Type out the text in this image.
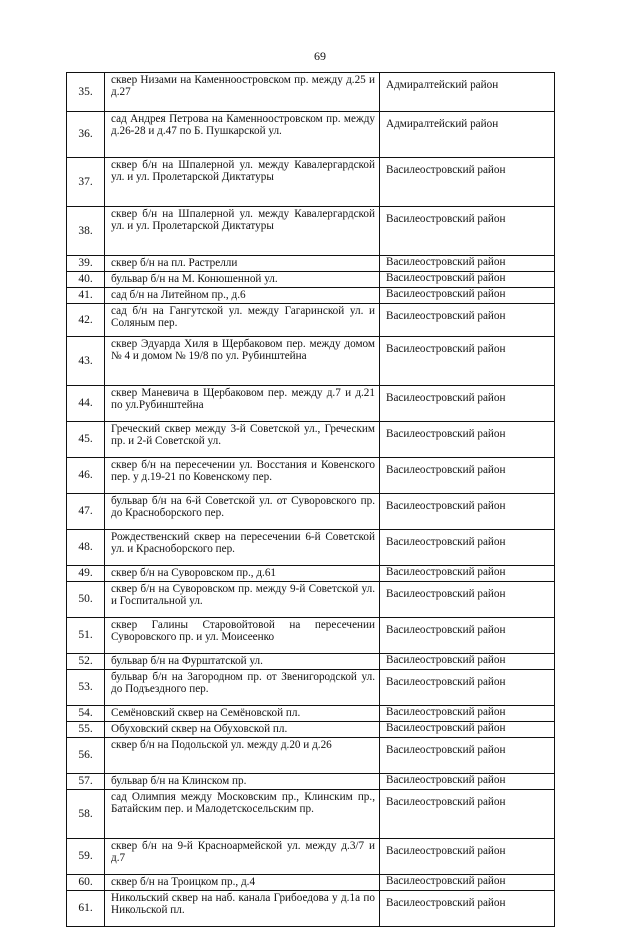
69
35.	сквер Низами на Каменноостровском пр. между д.25 и д.27	Адмиралтейский район
36.	сад Андрея Петрова на Каменноостровском пр. между д.26-28 и д.47 по Б. Пушкарской ул.	Адмиралтейский район
37.	сквер б/н на Шпалерной ул. между Кавалергардской ул. и ул. Пролетарской Диктатуры	Василеостровский район
38.	сквер б/н на Шпалерной ул. между Кавалергардской ул. и ул. Пролетарской Диктатуры	Василеостровский район
39.	сквер б/н на пл. Растрелли	Василеостровский район
40.	бульвар б/н на М. Конюшенной ул.	Василеостровский район
41.	сад б/н на Литейном пр., д.6	Василеостровский район
42.	сад б/н на Гангутской ул. между Гагаринской ул. и Соляным пер.	Василеостровский район
43.	сквер Эдуарда Хиля в Щербаковом пер. между домом № 4 и домом № 19/8 по ул. Рубинштейна	Василеостровский район
44.	сквер Маневича в Щербаковом пер. между д.7 и д.21 по ул.Рубинштейна	Василеостровский район
45.	Греческий сквер между 3-й Советской ул., Греческим пр. и 2-й Советской ул.	Василеостровский район
46.	сквер б/н на пересечении ул. Восстания и Ковенского пер. у д.19-21 по Ковенскому пер.	Василеостровский район
47.	бульвар б/н на 6-й Советской ул. от Суворовского пр. до Красноборского пер.	Василеостровский район
48.	Рождественский сквер на пересечении 6-й Советской ул. и Красноборского пер.	Василеостровский район
49.	сквер б/н на Суворовском пр., д.61	Василеостровский район
50.	сквер б/н на Суворовском пр. между 9-й Советской ул. и Госпитальной ул.	Василеостровский район
51.	сквер Галины Старовойтовой на пересечении Суворовского пр. и ул. Моисеенко	Василеостровский район
52.	бульвар б/н на Фурштатской ул.	Василеостровский район
53.	бульвар б/н на Загородном пр. от Звенигородской ул. до Подъездного пер.	Василеостровский район
54.	Семёновский сквер на Семёновской пл.	Василеостровский район
55.	Обуховский сквер на Обуховской пл.	Василеостровский район
56.	сквер б/н на Подольской ул. между д.20 и д.26	Василеостровский район
57.	бульвар б/н на Клинском пр.	Василеостровский район
58.	сад Олимпия между Московским пр., Клинским пр., Батайским пер. и Малодетскосельским пр.	Василеостровский район
59.	сквер б/н на 9-й Красноармейской ул. между д.3/7 и д.7	Василеостровский район
60.	сквер б/н на Троицком пр., д.4	Василеостровский район
61.	Никольский сквер на наб. канала Грибоедова у д.1а по Никольской пл.	Василеостровский район
